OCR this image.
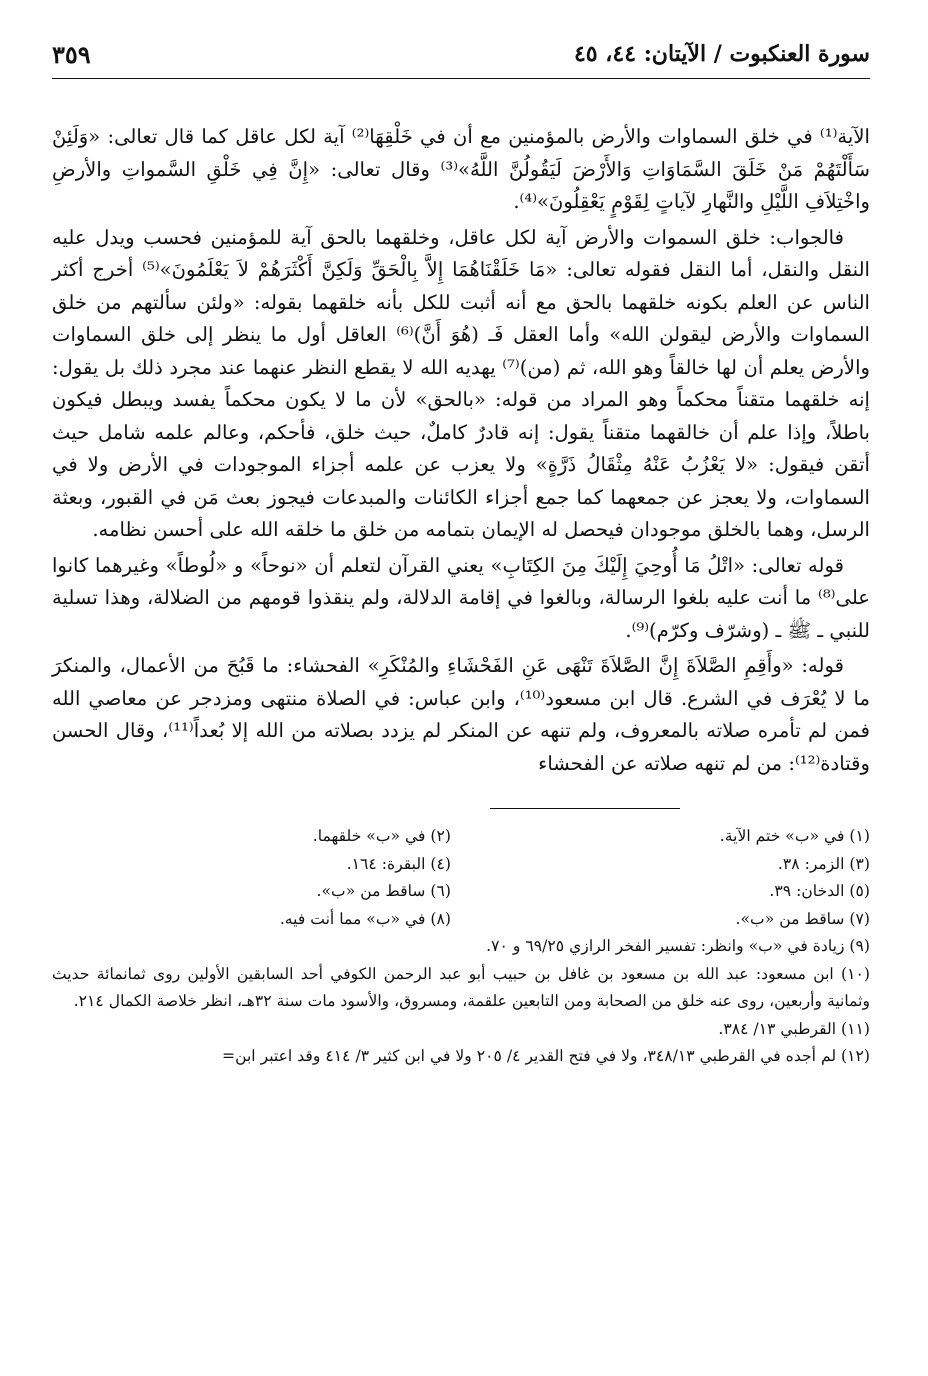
سورة العنكبوت / الآيتان: ٤٤، ٤٥
٣٥٩

الآية⁽¹⁾ في خلق السماوات والأرض بالمؤمنين مع أن في خَلْقِهَا⁽²⁾ آية لكل عاقل كما قال تعالى: «وَلَئِنْ سَأَلْتَهُمْ مَنْ خَلَقَ السَّمَاوَاتِ وَالأَرْضَ لَيَقُولُنَّ اللَّهُ»⁽³⁾ وقال تعالى: «إِنَّ فِي خَلْقِ السَّمواتِ والأرضِ واخْتِلاَفِ اللَّيْلِ والنَّهارِ لآياتٍ لِقَوْمٍ يَعْقِلُونَ»⁽⁴⁾.

فالجواب: خلق السموات والأرض آية لكل عاقل، وخلقهما بالحق آية للمؤمنين فحسب ويدل عليه النقل والنقل، أما النقل فقوله تعالى: «مَا خَلَقْنَاهُمَا إِلاَّ بِالْحَقِّ وَلَكِنَّ أَكْثَرَهُمْ لاَ يَعْلَمُونَ»⁽⁵⁾ أخرج أكثر الناس عن العلم بكونه خلقهما بالحق مع أنه أثبت للكل بأنه خلقهما بقوله: «ولئن سألتهم من خلق السماوات والأرض ليقولن الله» وأما العقل فَـ (هُوَ أَنَّ)⁽⁶⁾ العاقل أول ما ينظر إلى خلق السماوات والأرض يعلم أن لها خالقاً وهو الله، ثم (من)⁽⁷⁾ يهديه الله لا يقطع النظر عنهما عند مجرد ذلك بل يقول: إنه خلقهما متقناً محكماً وهو المراد من قوله: «بالحق» لأن ما لا يكون محكماً يفسد ويبطل فيكون باطلاً، وإذا علم أن خالقهما متقناً يقول: إنه قادرٌ كاملٌ، حيث خلق، فأحكم، وعالم علمه شامل حيث أتقن فيقول: «لا يَعْزُبُ عَنْهُ مِثْقَالُ ذَرَّةٍ» ولا يعزب عن علمه أجزاء الموجودات في الأرض ولا في السماوات، ولا يعجز عن جمعهما كما جمع أجزاء الكائنات والمبدعات فيجوز بعث مَن في القبور، وبعثة الرسل، وهما بالخلق موجودان فيحصل له الإيمان بتمامه من خلق ما خلقه الله على أحسن نظامه.

قوله تعالى: «اتْلُ مَا أُوحِيَ إِلَيْكَ مِنَ الكِتَابِ» يعني القرآن لتعلم أن «نوحاً» و «لُوطاً» وغيرهما كانوا على⁽⁸⁾ ما أنت عليه بلغوا الرسالة، وبالغوا في إقامة الدلالة، ولم ينقذوا قومهم من الضلالة، وهذا تسلية للنبي ـ ﷺ ـ (وشرّف وكرّم)⁽⁹⁾.

قوله: «وأَقِمِ الصَّلاَةَ إِنَّ الصَّلاَةَ تَنْهَى عَنِ الفَحْشَاءِ والمُنْكَرِ» الفحشاء: ما قَبُحَ من الأعمال، والمنكرَ ما لا يُعْرَف في الشرع. قال ابن مسعود⁽¹⁰⁾، وابن عباس: في الصلاة منتهى ومزدجر عن معاصي الله فمن لم تأمره صلاته بالمعروف، ولم تنهه عن المنكر لم يزدد بصلاته من الله إلا بُعداً⁽¹¹⁾، وقال الحسن وقتادة⁽¹²⁾: من لم تنهه صلاته عن الفحشاء

(١) في «ب» ختم الآية.
(٢) في «ب» خلقهما.
(٣) الزمر: ٣٨.
(٤) البقرة: ١٦٤.
(٥) الدخان: ٣٩.
(٦) ساقط من «ب».
(٧) ساقط من «ب».
(٨) في «ب» مما أنت فيه.
(٩) زيادة في «ب» وانظر: تفسير الفخر الرازي ٦٩/٢٥ و ٧٠.
(١٠) ابن مسعود: عبد الله بن مسعود بن غافل بن حبيب أبو عبد الرحمن الكوفي أحد السابقين الأولين روى ثمانمائة حديث وثمانية وأربعين، روى عنه خلق من الصحابة ومن التابعين علقمة، ومسروق، والأسود مات سنة ٣٢هـ، انظر خلاصة الكمال ٢١٤.
(١١) القرطبي ١٣/ ٣٨٤.
(١٢) لم أجده في القرطبي ٣٤٨/١٣، ولا في فتح القدير ٤/ ٢٠٥ ولا في ابن كثير ٣/ ٤١٤ وقد اعتبر ابن=
